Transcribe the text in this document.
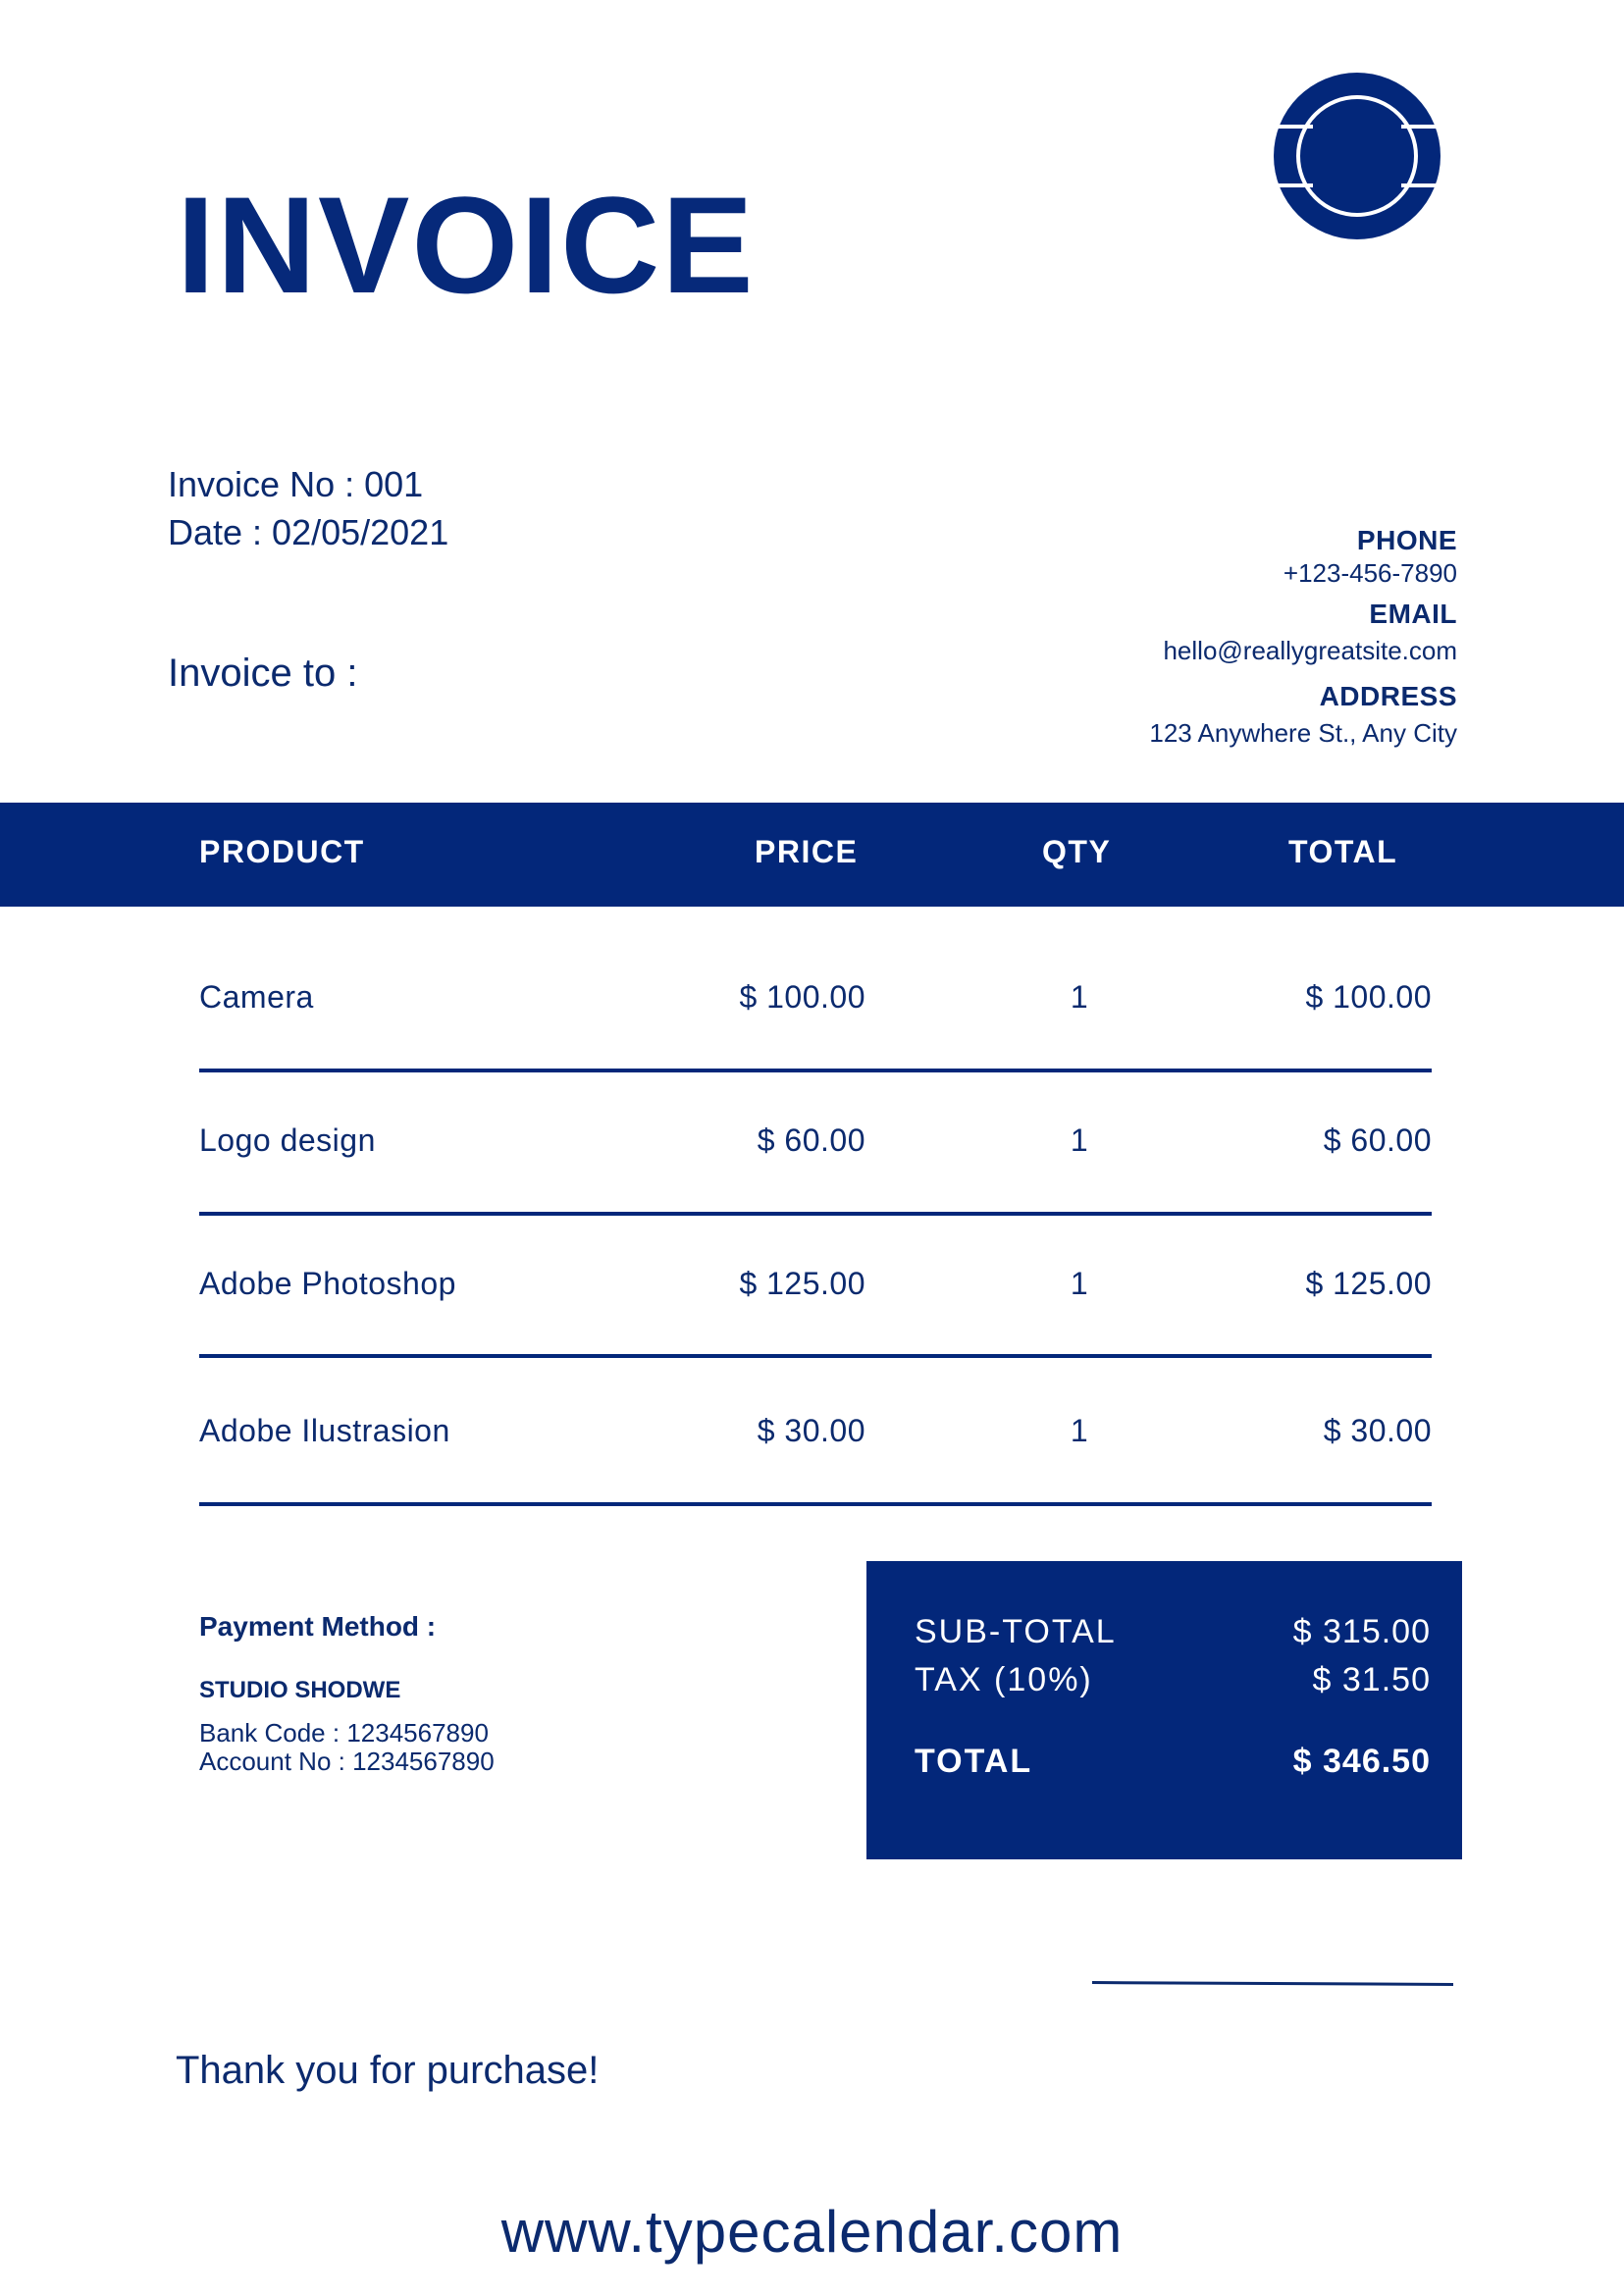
INVOICE
Invoice No : 001
Date : 02/05/2021
Invoice to :
PHONE
+123-456-7890
EMAIL
hello@reallygreatsite.com
ADDRESS
123 Anywhere St., Any City
PRODUCT	PRICE	QTY	TOTAL
Camera	$ 100.00	1	$ 100.00
Logo design	$ 60.00	1	$ 60.00
Adobe Photoshop	$ 125.00	1	$ 125.00
Adobe Ilustrasion	$ 30.00	1	$ 30.00
Payment Method :
STUDIO SHODWE
Bank Code : 1234567890
Account No : 1234567890
SUB-TOTAL	$ 315.00
TAX (10%)	$ 31.50
TOTAL	$ 346.50
Thank you for purchase!
www.typecalendar.com
